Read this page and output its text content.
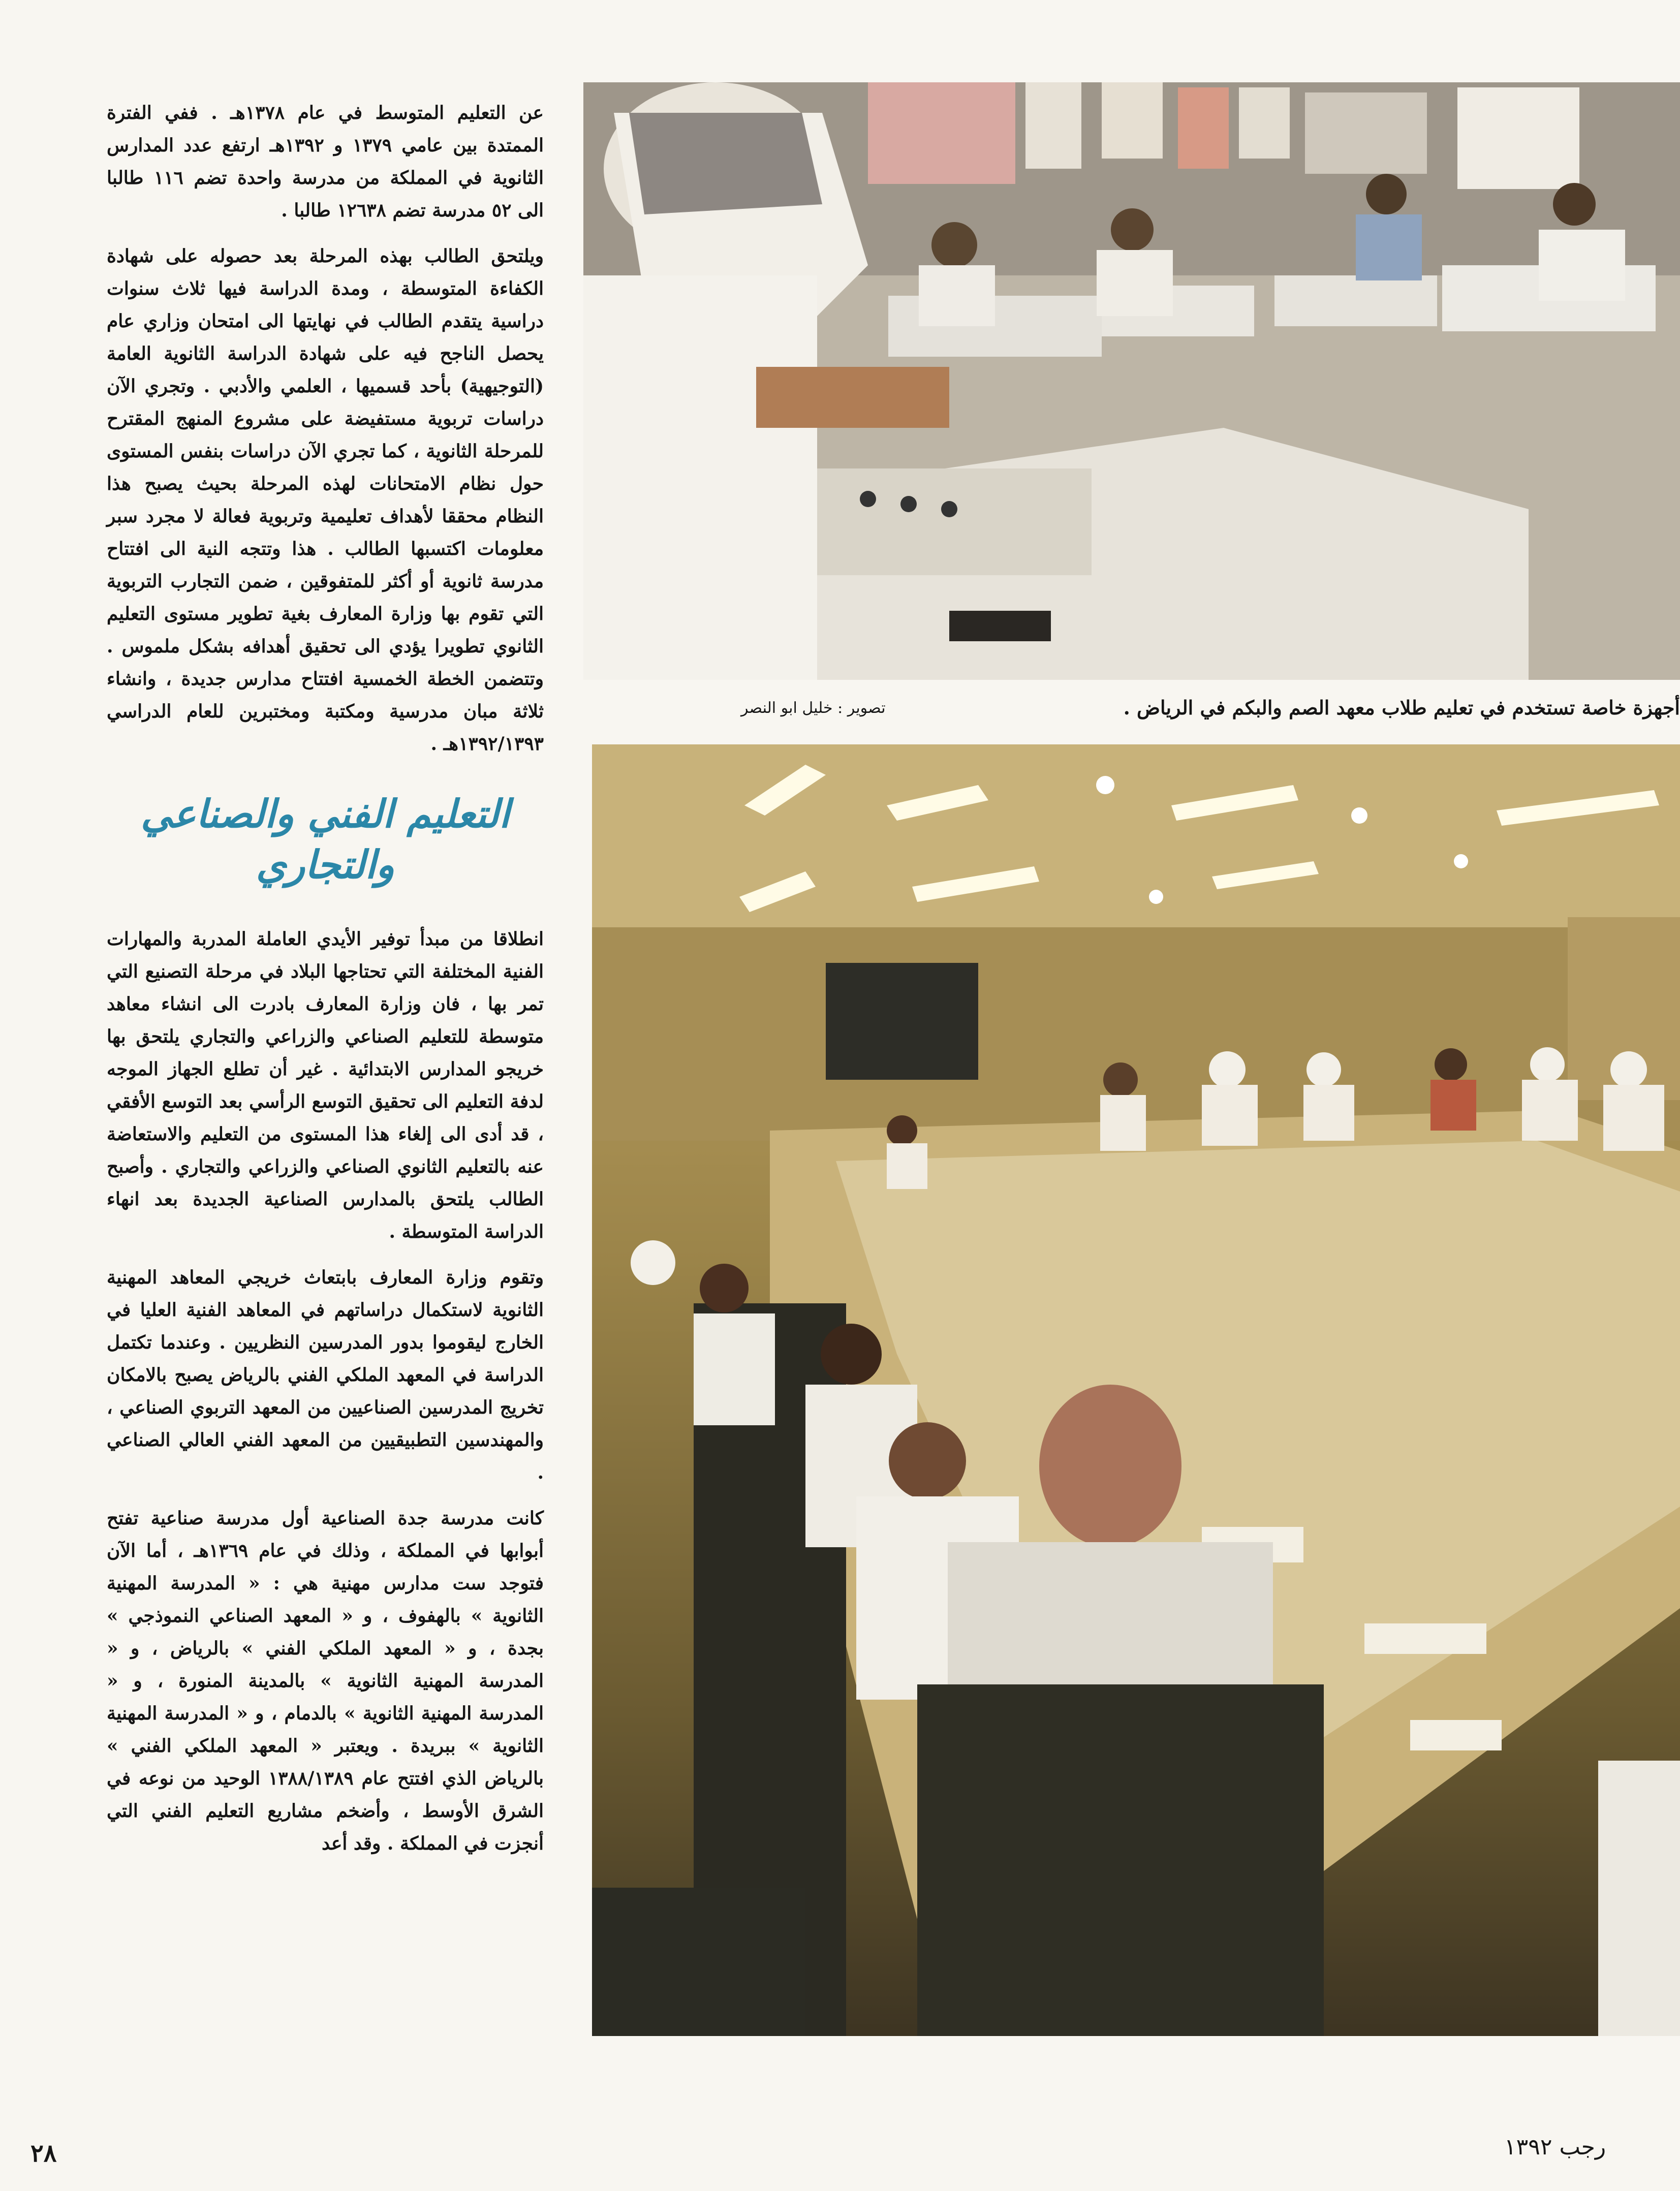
عن التعليم المتوسط في عام ١٣٧٨هـ . ففي الفترة الممتدة بين عامي ١٣٧٩ و ١٣٩٢هـ ارتفع عدد المدارس الثانوية في المملكة من مدرسة واحدة تضم ١١٦ طالبا الى ٥٢ مدرسة تضم ١٢٦٣٨ طالبا .

ويلتحق الطالب بهذه المرحلة بعد حصوله على شهادة الكفاءة المتوسطة ، ومدة الدراسة فيها ثلاث سنوات دراسية يتقدم الطالب في نهايتها الى امتحان وزاري عام يحصل الناجح فيه على شهادة الدراسة الثانوية العامة (التوجيهية) بأحد قسميها ، العلمي والأدبي . وتجري الآن دراسات تربوية مستفيضة على مشروع المنهج المقترح للمرحلة الثانوية ، كما تجري الآن دراسات بنفس المستوى حول نظام الامتحانات لهذه المرحلة بحيث يصبح هذا النظام محققا لأهداف تعليمية وتربوية فعالة لا مجرد سبر معلومات اكتسبها الطالب . هذا وتتجه النية الى افتتاح مدرسة ثانوية أو أكثر للمتفوقين ، ضمن التجارب التربوية التي تقوم بها وزارة المعارف بغية تطوير مستوى التعليم الثانوي تطويرا يؤدي الى تحقيق أهدافه بشكل ملموس . وتتضمن الخطة الخمسية افتتاح مدارس جديدة ، وانشاء ثلاثة مبان مدرسية ومكتبة ومختبرين للعام الدراسي ١٣٩٢/١٣٩٣هـ .

التعليم الفني والصناعي والتجاري

انطلاقا من مبدأ توفير الأيدي العاملة المدربة والمهارات الفنية المختلفة التي تحتاجها البلاد في مرحلة التصنيع التي تمر بها ، فان وزارة المعارف بادرت الى انشاء معاهد متوسطة للتعليم الصناعي والزراعي والتجاري يلتحق بها خريجو المدارس الابتدائية . غير أن تطلع الجهاز الموجه لدفة التعليم الى تحقيق التوسع الرأسي بعد التوسع الأفقي ، قد أدى الى إلغاء هذا المستوى من التعليم والاستعاضة عنه بالتعليم الثانوي الصناعي والزراعي والتجاري . وأصبح الطالب يلتحق بالمدارس الصناعية الجديدة بعد انهاء الدراسة المتوسطة .

وتقوم وزارة المعارف بابتعاث خريجي المعاهد المهنية الثانوية لاستكمال دراساتهم في المعاهد الفنية العليا في الخارج ليقوموا بدور المدرسين النظريين . وعندما تكتمل الدراسة في المعهد الملكي الفني بالرياض يصبح بالامكان تخريج المدرسين الصناعيين من المعهد التربوي الصناعي ، والمهندسين التطبيقيين من المعهد الفني العالي الصناعي .

كانت مدرسة جدة الصناعية أول مدرسة صناعية تفتح أبوابها في المملكة ، وذلك في عام ١٣٦٩هـ ، أما الآن فتوجد ست مدارس مهنية هي : « المدرسة المهنية الثانوية » بالهفوف ، و « المعهد الصناعي النموذجي » بجدة ، و « المعهد الملكي الفني » بالرياض ، و « المدرسة المهنية الثانوية » بالمدينة المنورة ، و « المدرسة المهنية الثانوية » بالدمام ، و « المدرسة المهنية الثانوية » ببريدة . ويعتبر « المعهد الملكي الفني » بالرياض الذي افتتح عام ١٣٨٨/١٣٨٩ الوحيد من نوعه في الشرق الأوسط ، وأضخم مشاريع التعليم الفني التي أنجزت في المملكة . وقد أعد

أجهزة خاصة تستخدم في تعليم طلاب معهد الصم والبكم في الرياض .
تصوير : خليل ابو النصر
٢٨	رجب ١٣٩٢
